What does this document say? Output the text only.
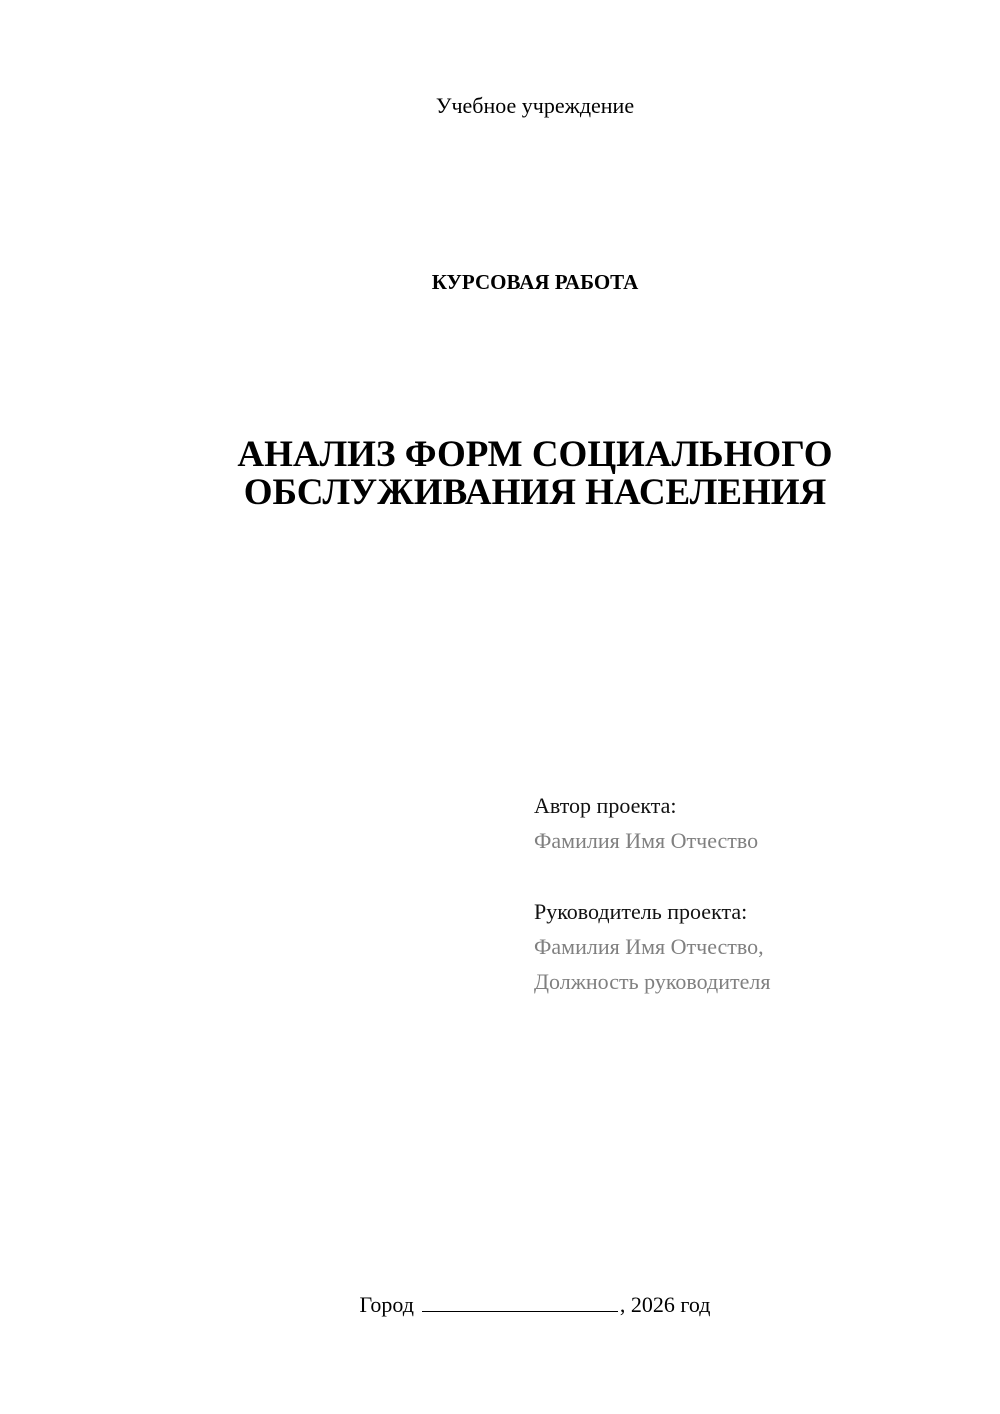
Учебное учреждение
КУРСОВАЯ РАБОТА
АНАЛИЗ ФОРМ СОЦИАЛЬНОГО
ОБСЛУЖИВАНИЯ НАСЕЛЕНИЯ
Автор проекта:
Фамилия Имя Отчество
Руководитель проекта:
Фамилия Имя Отчество,
Должность руководителя
Город	, 2026 год
